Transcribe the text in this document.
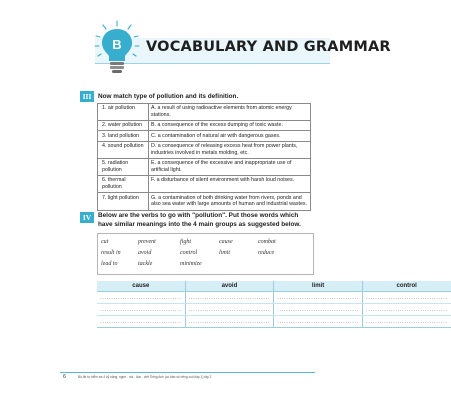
B VOCABULARY AND GRAMMAR
III	Now match type of pollution and its definition.
1. air pollution	A. a result of using radioactive elements from atomic energy stations.
2. water pollution	B. a consequence of the excess dumping of toxic waste.
3. land pollution	C. a contamination of natural air with dangerous gases.
4. sound pollution	D. a consequence of releasing excess heat from power plants, industries involved in metals molding, etc.
5. radiation pollution	E. a consequence of the excessive and inappropriate use of artificial light.
6. thermal pollution	F. a disturbance of silent environment with harsh loud noises.
7. light pollution	G. a contamination of both drinking water from rivers, ponds and also sea water with large amounts of human and industrial wastes.
IV	Below are the verbs to go with "pollution". Put those words which have similar meanings into the 4 main groups as suggested below.
cut	prevent	fight	cause	combat
result in	avoid	control	limit	reduce
lead to	tackle	minimize
cause	avoid	limit	control
....................................	....................................	....................................	....................................
....................................	....................................	....................................	....................................
....................................	....................................	....................................	....................................
6	Bộ đề tự kiểm tra 4 kỹ năng: nghe - nói - đọc - viết Tiếng Anh (có bản số riêng cuối tập 1) tập 2
